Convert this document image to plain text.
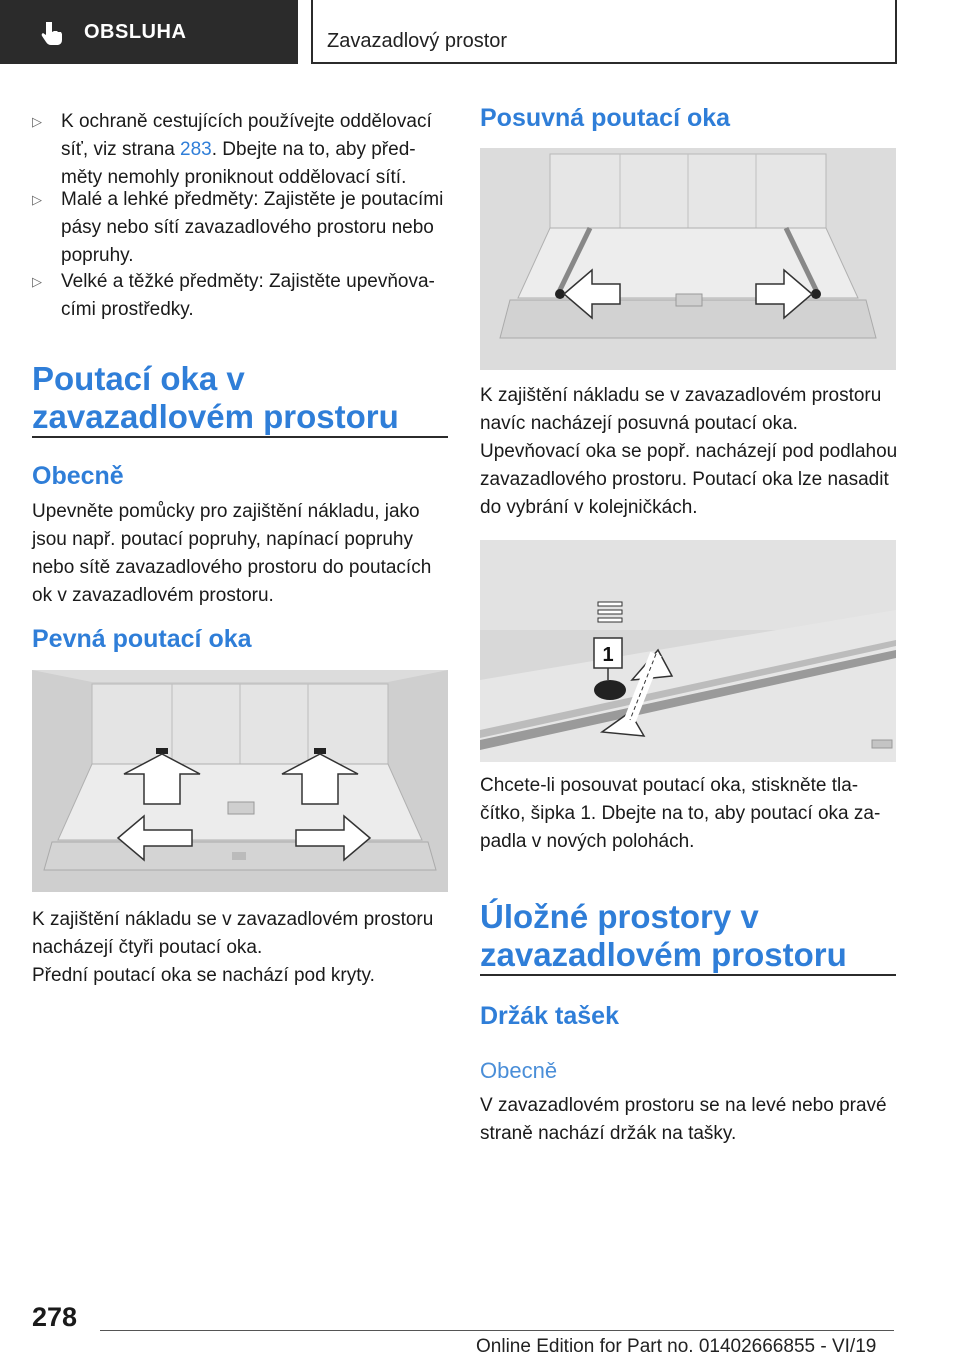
OBSLUHA	Zavazadlový prostor
▷ K ochraně cestujících používejte oddělovací síť, viz strana 283. Dbejte na to, aby před-měty nemohly proniknout oddělovací sítí.
▷ Malé a lehké předměty: Zajistěte je poutacími pásy nebo sítí zavazadlového prostoru nebo popruhy.
▷ Velké a těžké předměty: Zajistěte upevňova-cími prostředky.
Poutací oka v
zavazadlovém prostoru
Obecně
Upevněte pomůcky pro zajištění nákladu, jako jsou např. poutací popruhy, napínací popruhy nebo sítě zavazadlového prostoru do poutacích ok v zavazadlovém prostoru.
Pevná poutací oka
K zajištění nákladu se v zavazadlovém prostoru nacházejí čtyři poutací oka.
Přední poutací oka se nachází pod kryty.
Posuvná poutací oka
K zajištění nákladu se v zavazadlovém prostoru navíc nacházejí posuvná poutací oka.
Upevňovací oka se popř. nacházejí pod podlahou zavazadlového prostoru. Poutací oka lze nasadit do vybrání v kolejničkách.
1
Chcete-li posouvat poutací oka, stiskněte tla-čítko, šipka 1. Dbejte na to, aby poutací oka za-padla v nových polohách.
Úložné prostory v
zavazadlovém prostoru
Držák tašek
Obecně
V zavazadlovém prostoru se na levé nebo pravé straně nachází držák na tašky.
278
Online Edition for Part no. 01402666855 - VI/19
